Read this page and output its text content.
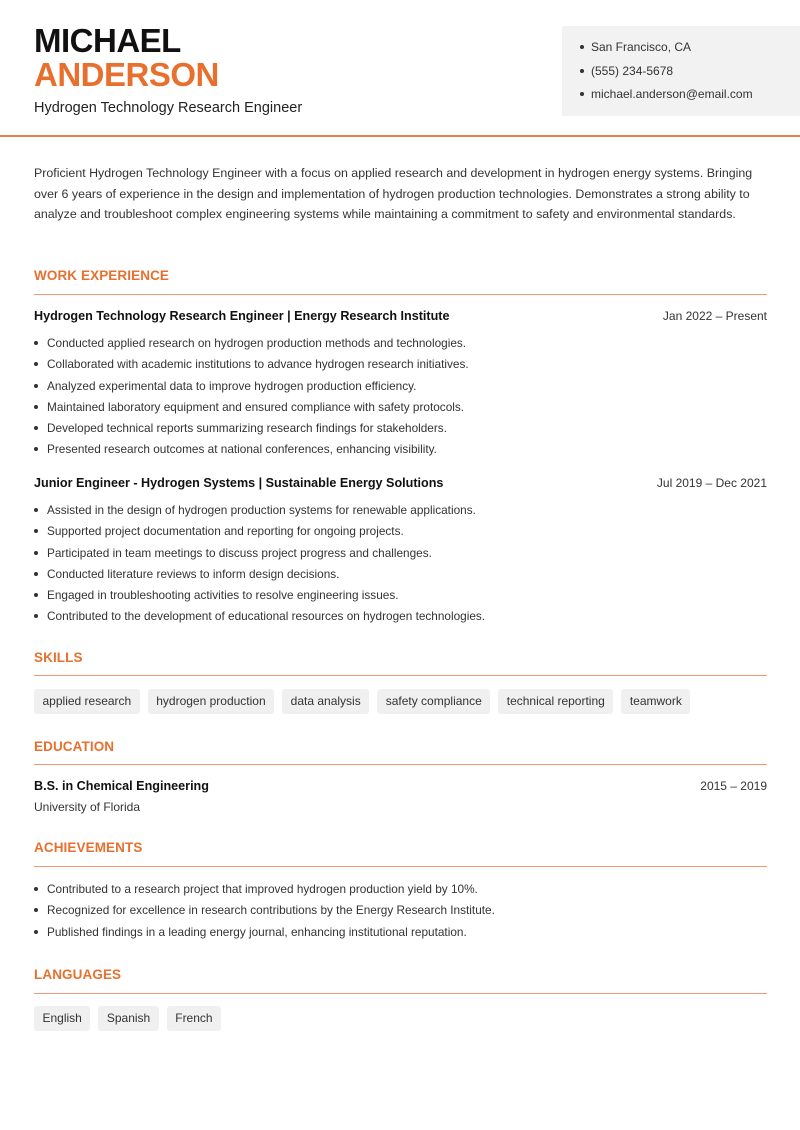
MICHAEL
ANDERSON
Hydrogen Technology Research Engineer
San Francisco, CA
(555) 234-5678
michael.anderson@email.com

Proficient Hydrogen Technology Engineer with a focus on applied research and development in hydrogen energy systems. Bringing over 6 years of experience in the design and implementation of hydrogen production technologies. Demonstrates a strong ability to analyze and troubleshoot complex engineering systems while maintaining a commitment to safety and environmental standards.

WORK EXPERIENCE
Hydrogen Technology Research Engineer | Energy Research Institute	Jan 2022 – Present
Conducted applied research on hydrogen production methods and technologies.
Collaborated with academic institutions to advance hydrogen research initiatives.
Analyzed experimental data to improve hydrogen production efficiency.
Maintained laboratory equipment and ensured compliance with safety protocols.
Developed technical reports summarizing research findings for stakeholders.
Presented research outcomes at national conferences, enhancing visibility.
Junior Engineer - Hydrogen Systems | Sustainable Energy Solutions	Jul 2019 – Dec 2021
Assisted in the design of hydrogen production systems for renewable applications.
Supported project documentation and reporting for ongoing projects.
Participated in team meetings to discuss project progress and challenges.
Conducted literature reviews to inform design decisions.
Engaged in troubleshooting activities to resolve engineering issues.
Contributed to the development of educational resources on hydrogen technologies.
SKILLS
applied research	hydrogen production	data analysis	safety compliance	technical reporting	teamwork
EDUCATION
B.S. in Chemical Engineering	2015 – 2019
University of Florida
ACHIEVEMENTS
Contributed to a research project that improved hydrogen production yield by 10%.
Recognized for excellence in research contributions by the Energy Research Institute.
Published findings in a leading energy journal, enhancing institutional reputation.
LANGUAGES
English	Spanish	French
